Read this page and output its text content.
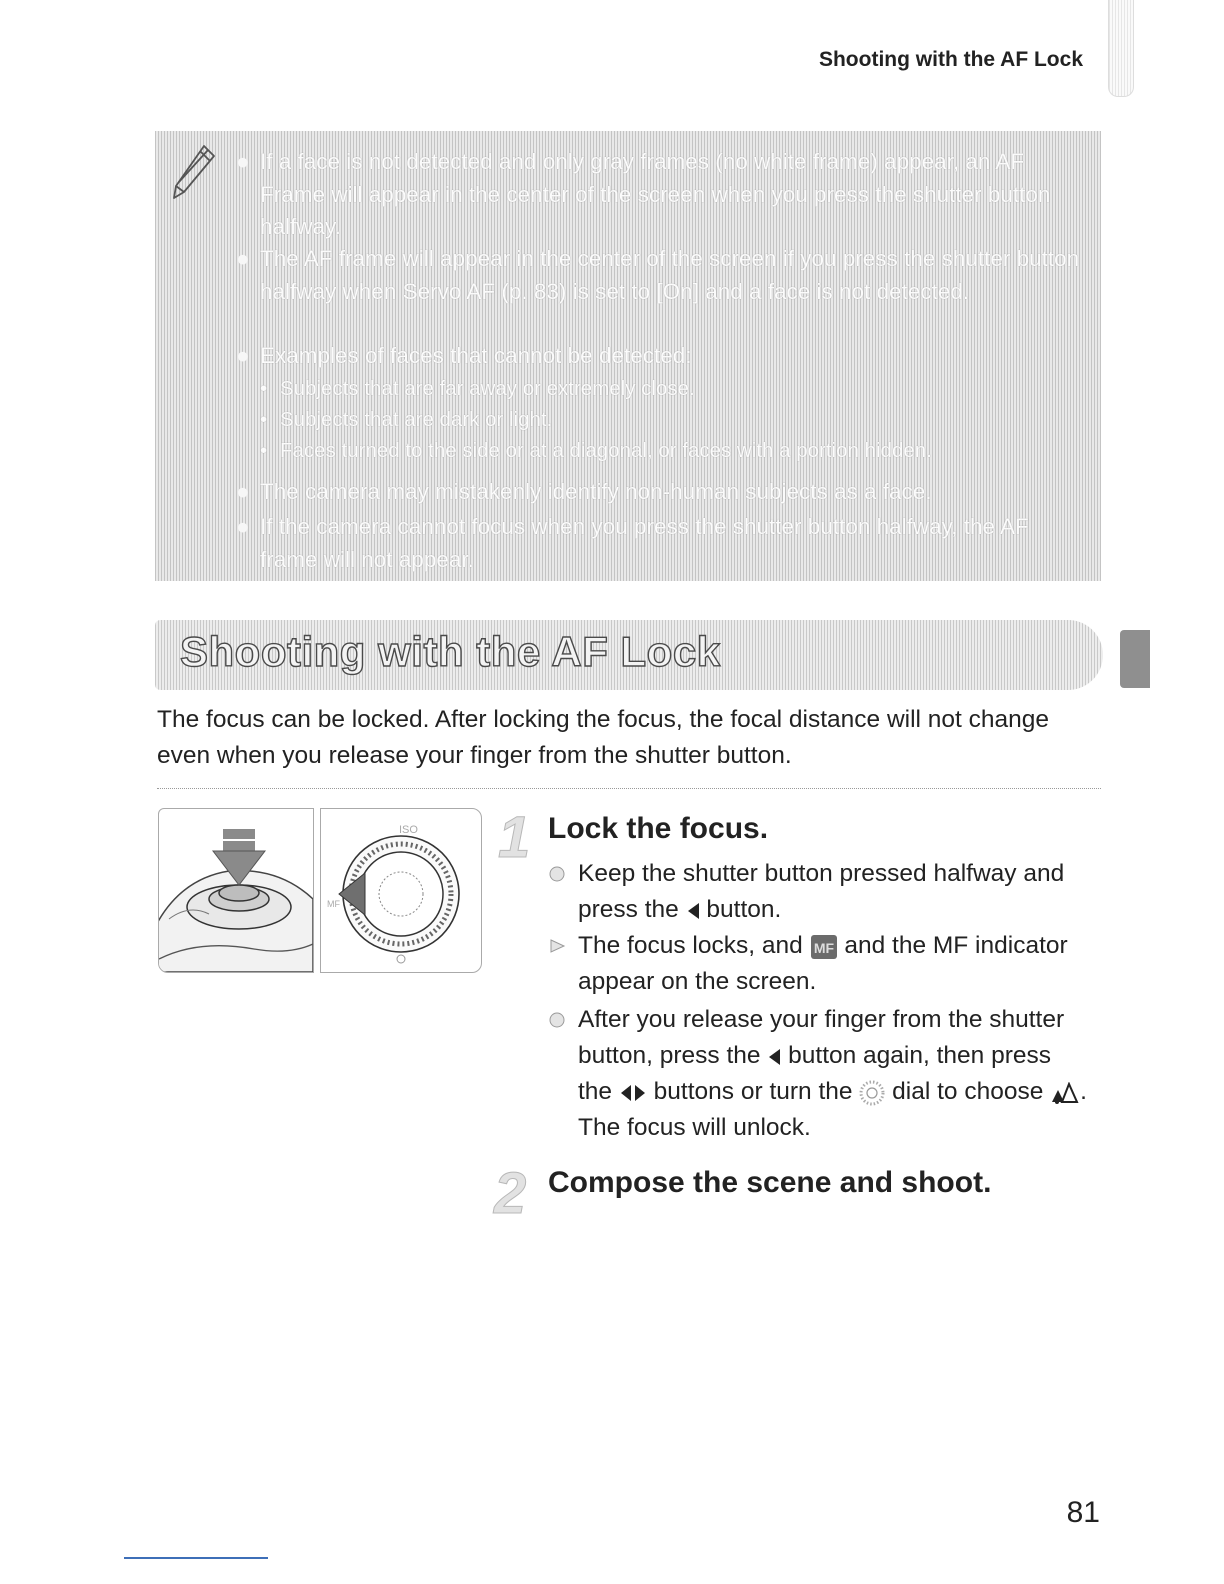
Shooting with the AF Lock
● If a face is not detected and only gray frames (no white frame) appear, an AF Frame will appear in the center of the screen when you press the shutter button halfway.
● The AF frame will appear in the center of the screen if you press the shutter button halfway when Servo AF (p. 83) is set to [On] and a face is not detected.
● Examples of faces that cannot be detected:
• Subjects that are far away or extremely close.
• Subjects that are dark or light.
• Faces turned to the side or at a diagonal, or faces with a portion hidden.
● The camera may mistakenly identify non-human subjects as a face.
● If the camera cannot focus when you press the shutter button halfway, the AF frame will not appear.
Shooting with the AF Lock
The focus can be locked. After locking the focus, the focal distance will not change even when you release your finger from the shutter button.
ISO
MF
1 Lock the focus.
Keep the shutter button pressed halfway and press the  button.
The focus locks, and MF and the MF indicator appear on the screen.
After you release your finger from the shutter button, press the  button again, then press the  buttons or turn the  dial to choose . The focus will unlock.
2 Compose the scene and shoot.
81
